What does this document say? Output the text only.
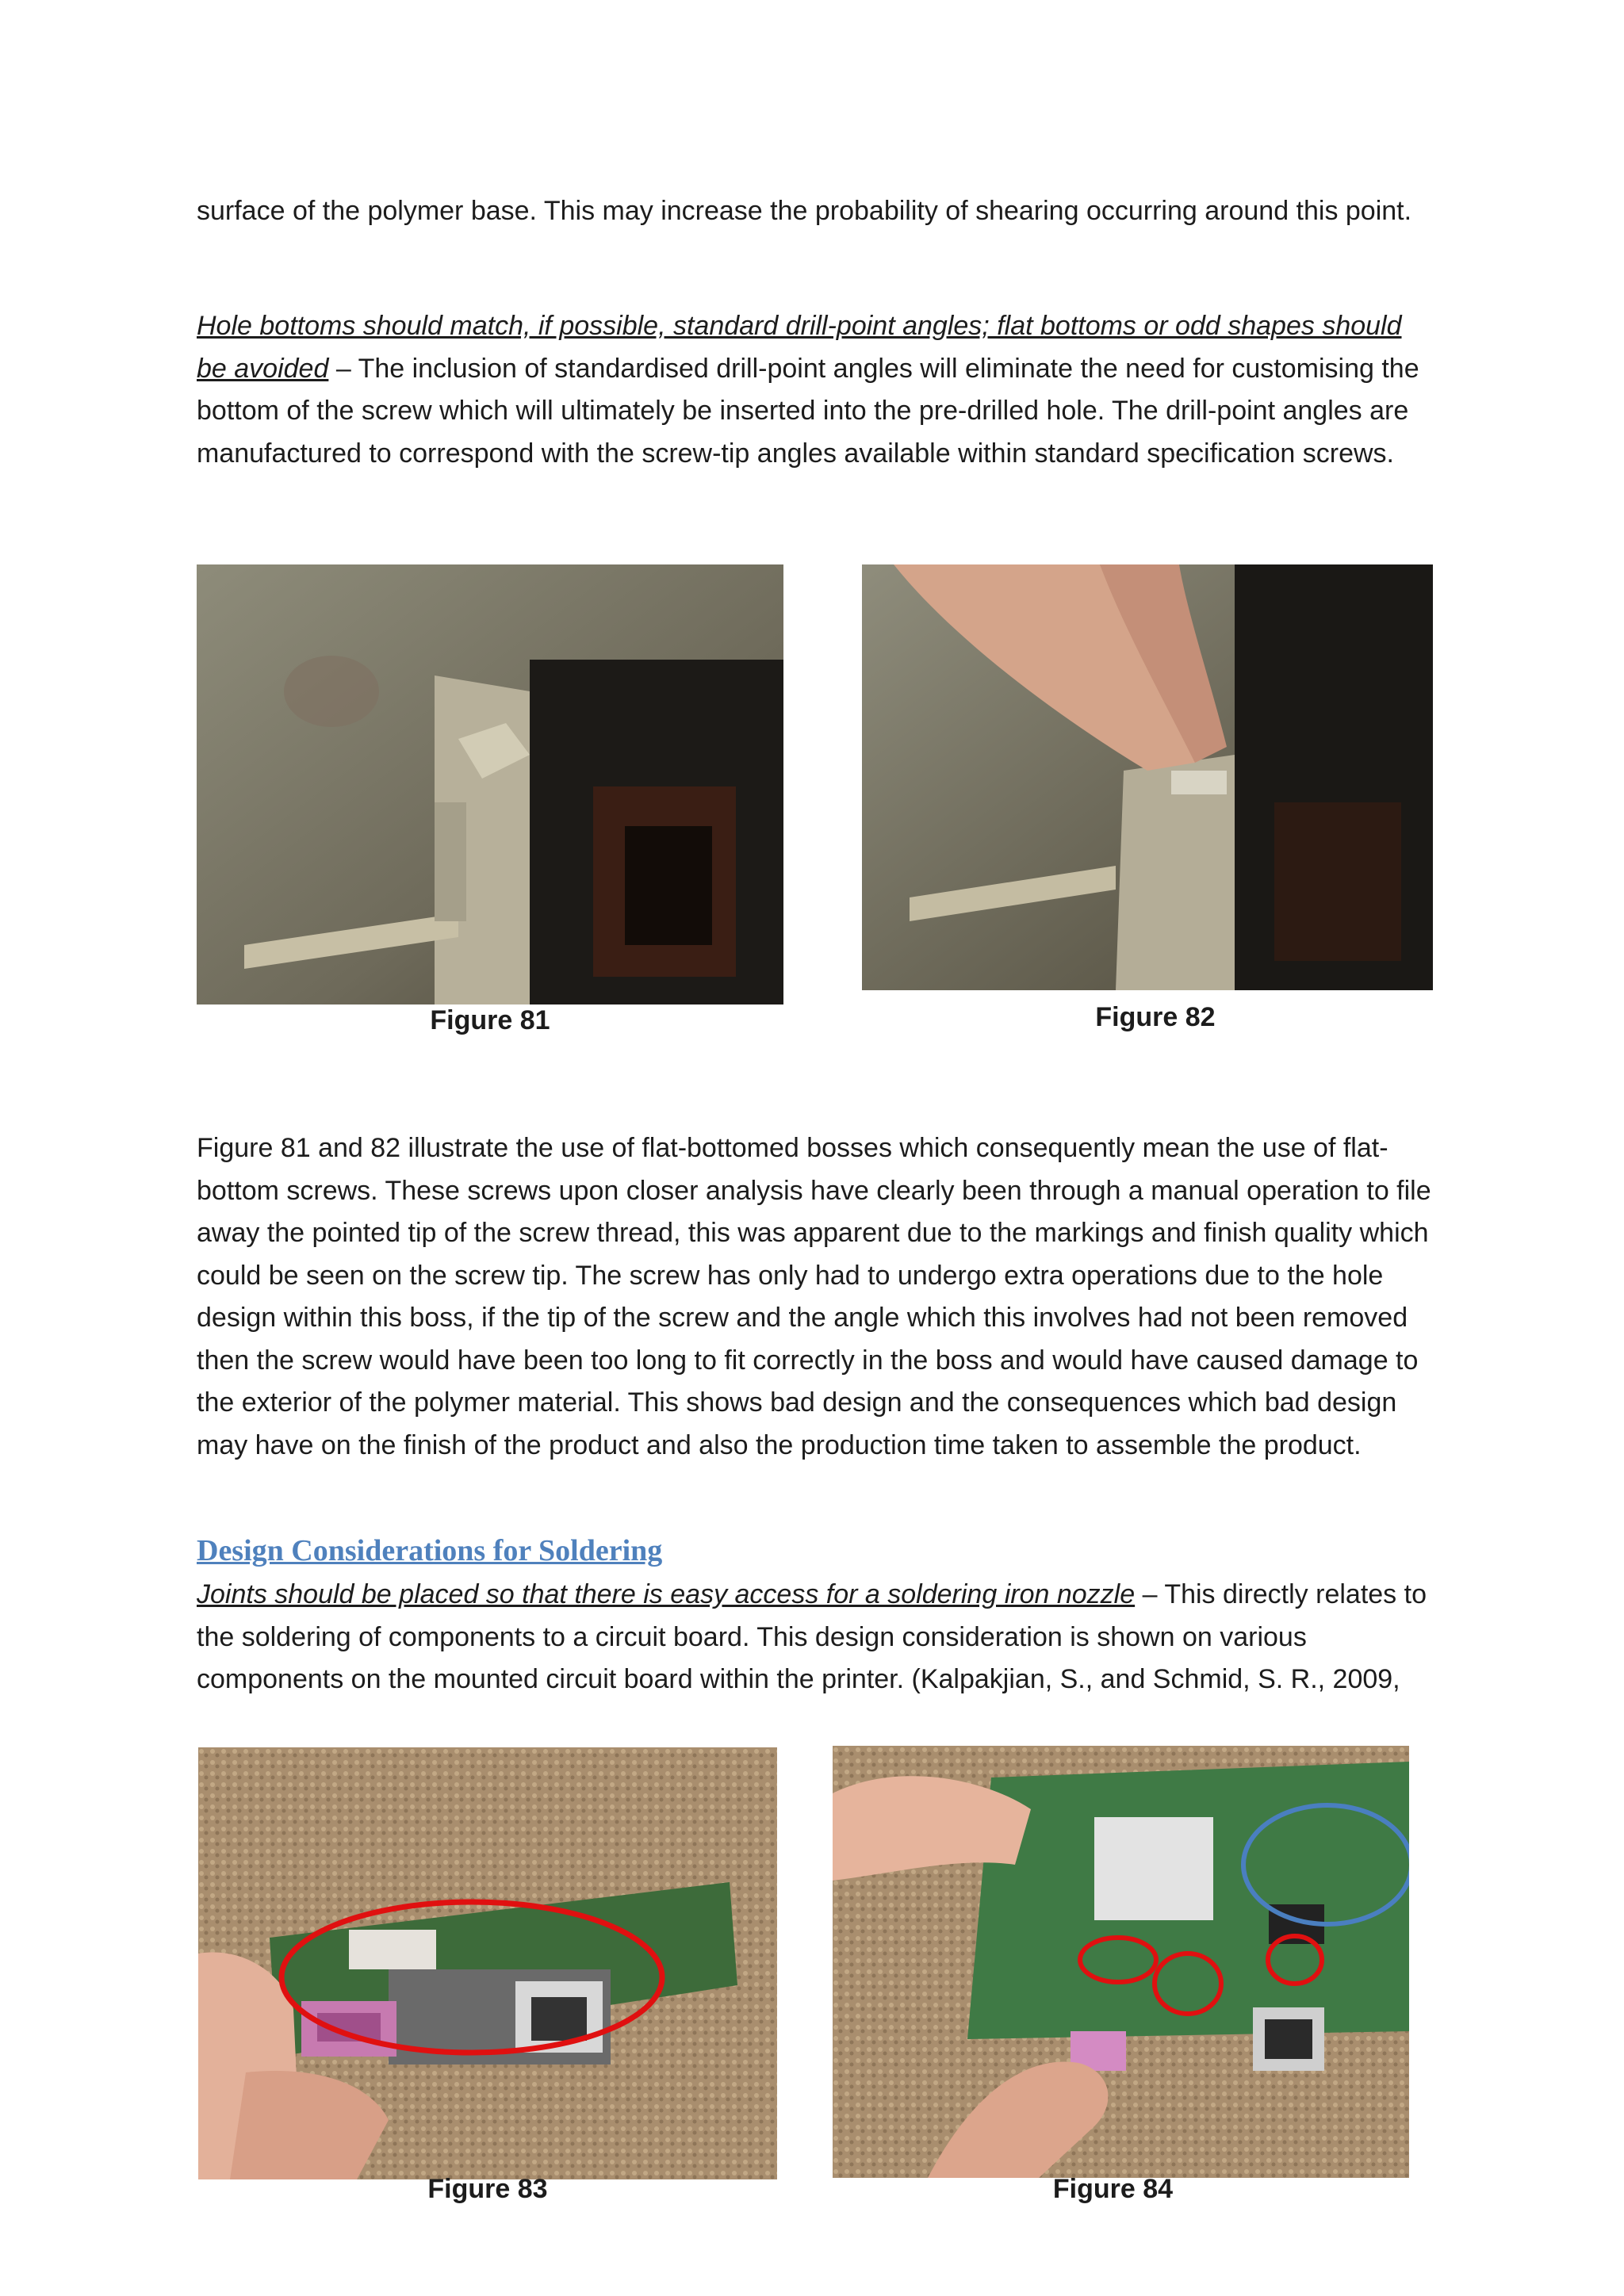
surface of the polymer base. This may increase the probability of shearing occurring around this point.

Hole bottoms should match, if possible, standard drill-point angles; flat bottoms or odd shapes should be avoided – The inclusion of standardised drill-point angles will eliminate the need for customising the bottom of the screw which will ultimately be inserted into the pre-drilled hole. The drill-point angles are manufactured to correspond with the screw-tip angles available within standard specification screws.

Figure 81	Figure 82

Figure 81 and 82 illustrate the use of flat-bottomed bosses which consequently mean the use of flat-bottom screws. These screws upon closer analysis have clearly been through a manual operation to file away the pointed tip of the screw thread, this was apparent due to the markings and finish quality which could be seen on the screw tip. The screw has only had to undergo extra operations due to the hole design within this boss, if the tip of the screw and the angle which this involves had not been removed then the screw would have been too long to fit correctly in the boss and would have caused damage to the exterior of the polymer material. This shows bad design and the consequences which bad design may have on the finish of the product and also the production time taken to assemble the product.

Design Considerations for Soldering

Joints should be placed so that there is easy access for a soldering iron nozzle – This directly relates to the soldering of components to a circuit board. This design consideration is shown on various components on the mounted circuit board within the printer. (Kalpakjian, S., and Schmid, S. R., 2009,

Figure 83	Figure 84
